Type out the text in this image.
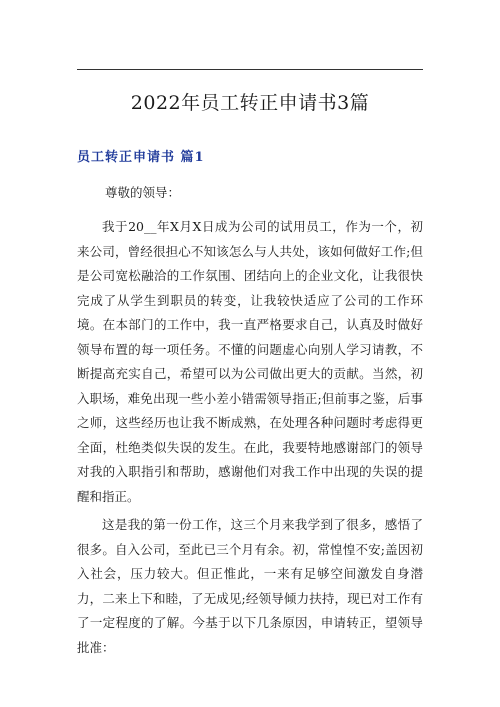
2022年员工转正申请书3篇
员工转正申请书 篇1
尊敬的领导：

我于20__年X月X日成为公司的试用员工，作为一个，初来公司，曾经很担心不知该怎么与人共处，该如何做好工作;但是公司宽松融洽的工作氛围、团结向上的企业文化，让我很快完成了从学生到职员的转变，让我较快适应了公司的工作环境。在本部门的工作中，我一直严格要求自己，认真及时做好领导布置的每一项任务。不懂的问题虚心向别人学习请教，不断提高充实自己，希望可以为公司做出更大的贡献。当然，初入职场，难免出现一些小差小错需领导指正;但前事之鉴，后事之师，这些经历也让我不断成熟，在处理各种问题时考虑得更全面，杜绝类似失误的发生。在此，我要特地感谢部门的领导对我的入职指引和帮助，感谢他们对我工作中出现的失误的提醒和指正。

这是我的第一份工作，这三个月来我学到了很多，感悟了很多。自入公司，至此已三个月有余。初，常惶惶不安;盖因初入社会，压力较大。但正惟此，一来有足够空间激发自身潜力，二来上下和睦，了无成见;经领导倾力扶持，现已对工作有了一定程度的了解。今基于以下几条原因，申请转正，望领导批准：
